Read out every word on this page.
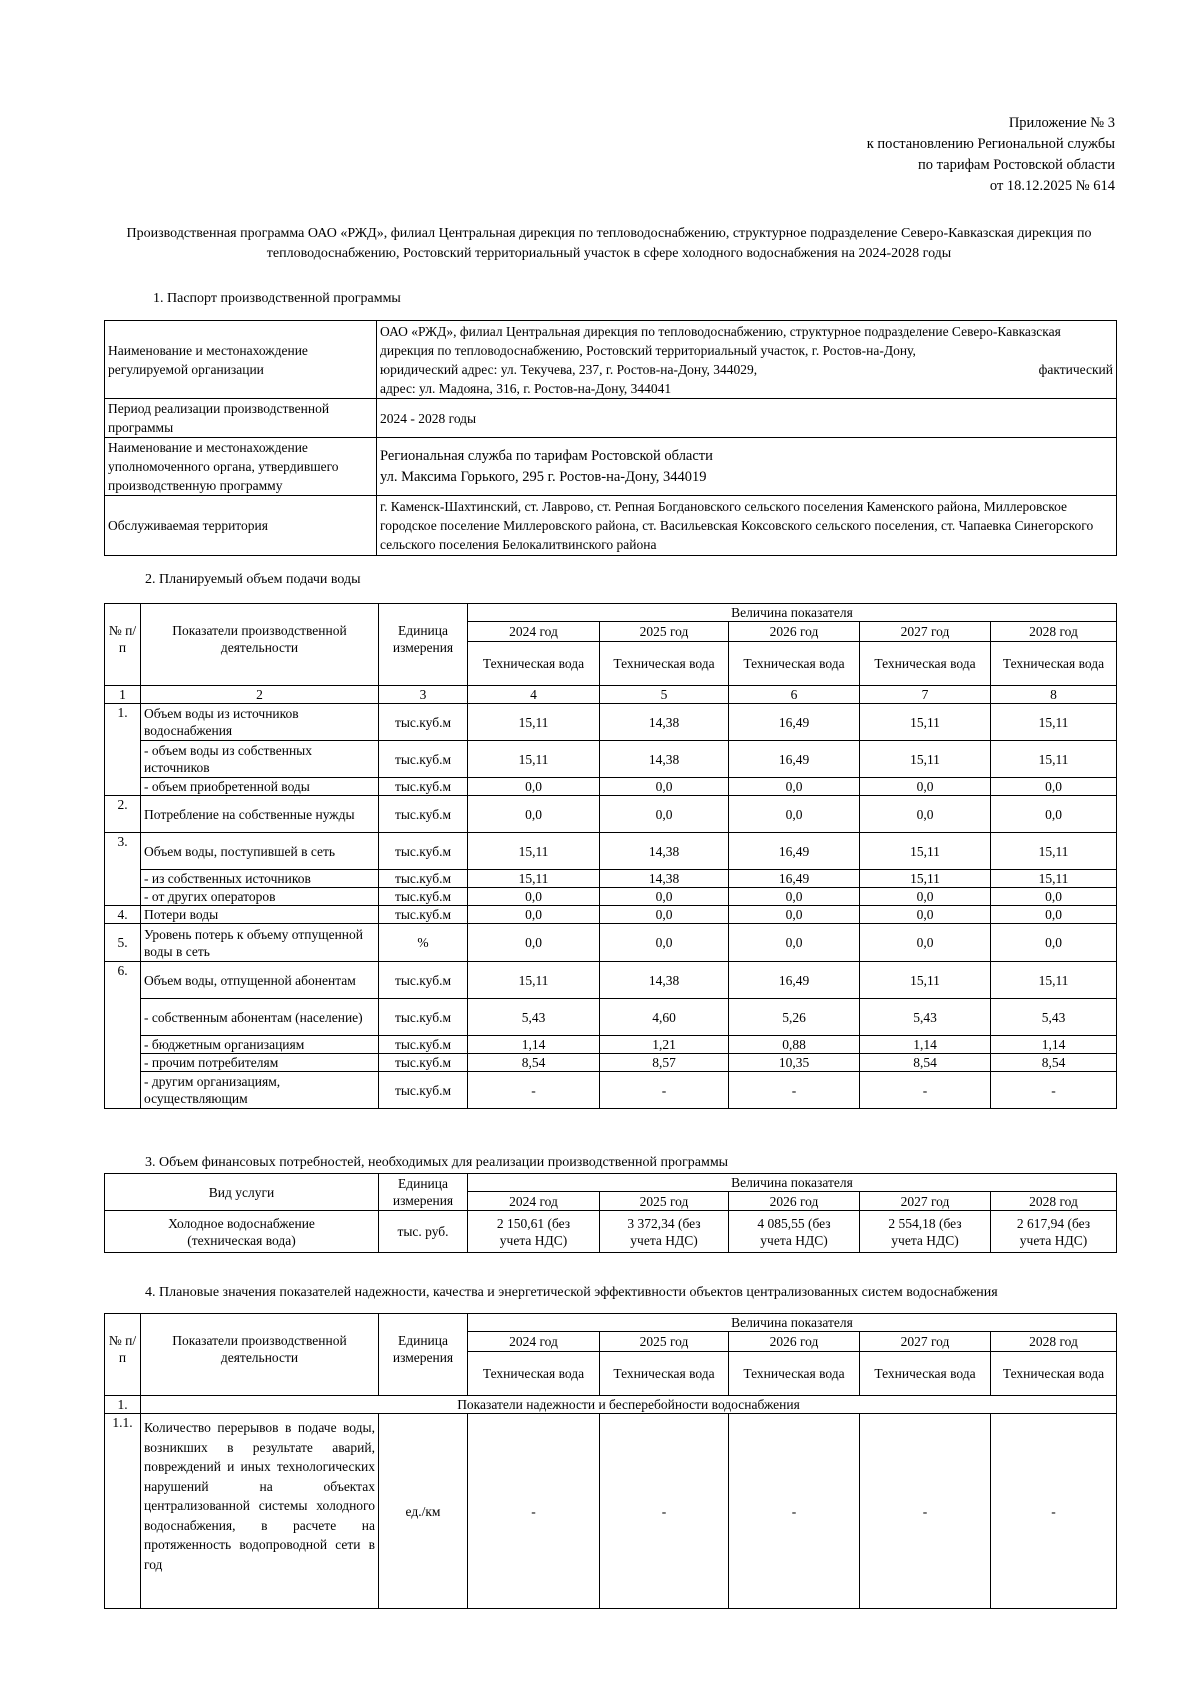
Приложение № 3
к постановлению Региональной службы
по тарифам Ростовской области
от 18.12.2025 № 614
Производственная программа ОАО «РЖД», филиал Центральная дирекция по тепловодоснабжению, структурное подразделение Северо-Кавказская дирекция по тепловодоснабжению, Ростовский территориальный участок в сфере холодного водоснабжения на 2024-2028 годы
1. Паспорт производственной программы
Наименование и местонахождение регулируемой организации	ОАО «РЖД», филиал Центральная дирекция по тепловодоснабжению, структурное подразделение Северо-Кавказская дирекция по тепловодоснабжению, Ростовский территориальный участок, г. Ростов-на-Дону,
юридический адрес: ул. Текучева, 237, г. Ростов-на-Дону, 344029, фактический
адрес: ул. Мадояна, 316, г. Ростов-на-Дону, 344041

Период реализации производственной программы	2024 - 2028 годы
Наименование и местонахождение уполномоченного органа, утвердившего производственную программу	Региональная служба по тарифам Ростовской области
ул. Максима Горького, 295 г. Ростов-на-Дону, 344019

Обслуживаемая территория	г. Каменск-Шахтинский, ст. Лаврово, ст. Репная Богдановского сельского поселения Каменского района, Миллеровское городское поселение Миллеровского района, ст. Васильевская Коксовского сельского поселения, ст. Чапаевка Синегорского сельского поселения Белокалитвинского района
2. Планируемый объем подачи воды
№ п/п	Показатели производственной деятельности	Единица измерения	Величина показателя				
			2024 год	2025 год	2026 год	2027 год	2028 год
			Техническая вода	Техническая вода	Техническая вода	Техническая вода	Техническая вода
1	2	3	4	5	6	7	8
1.	Объем воды из источников водоснабжения	тыс.куб.м	15,11	14,38	16,49	15,11	15,11
	- объем воды из собственных источников	тыс.куб.м	15,11	14,38	16,49	15,11	15,11
	- объем приобретенной воды	тыс.куб.м	0,0	0,0	0,0	0,0	0,0
2.	Потребление на собственные нужды	тыс.куб.м	0,0	0,0	0,0	0,0	0,0
3.	Объем воды, поступившей в сеть	тыс.куб.м	15,11	14,38	16,49	15,11	15,11
	- из собственных источников	тыс.куб.м	15,11	14,38	16,49	15,11	15,11
	- от других операторов	тыс.куб.м	0,0	0,0	0,0	0,0	0,0
4.	Потери воды	тыс.куб.м	0,0	0,0	0,0	0,0	0,0
5.	Уровень потерь к объему отпущенной воды в сеть	%	0,0	0,0	0,0	0,0	0,0
6.	Объем воды, отпущенной абонентам	тыс.куб.м	15,11	14,38	16,49	15,11	15,11
	- собственным абонентам (население)	тыс.куб.м	5,43	4,60	5,26	5,43	5,43
	- бюджетным организациям	тыс.куб.м	1,14	1,21	0,88	1,14	1,14
	- прочим потребителям	тыс.куб.м	8,54	8,57	10,35	8,54	8,54
	- другим организациям, осуществляющим	тыс.куб.м	-	-	-	-	-
3. Объем финансовых потребностей, необходимых для реализации производственной программы
Вид услуги	Единица измерения	Величина показателя				
		2024 год	2025 год	2026 год	2027 год	2028 год
Холодное водоснабжение (техническая вода)	тыс. руб.	2 150,61 (без учета НДС)	3 372,34 (без учета НДС)	4 085,55 (без учета НДС)	2 554,18 (без учета НДС)	2 617,94 (без учета НДС)
4. Плановые значения показателей надежности, качества и энергетической эффективности объектов централизованных систем водоснабжения
№ п/п	Показатели производственной деятельности	Единица измерения	Величина показателя				
			2024 год	2025 год	2026 год	2027 год	2028 год
			Техническая вода	Техническая вода	Техническая вода	Техническая вода	Техническая вода
1.	Показатели надежности и бесперебойности водоснабжения						
1.1.	Количество перерывов в подаче воды, возникших в результате аварий, повреждений и иных технологических нарушений на объектах централизованной системы холодного водоснабжения, в расчете на протяженность водопроводной сети в год	ед./км	-	-	-	-	-
